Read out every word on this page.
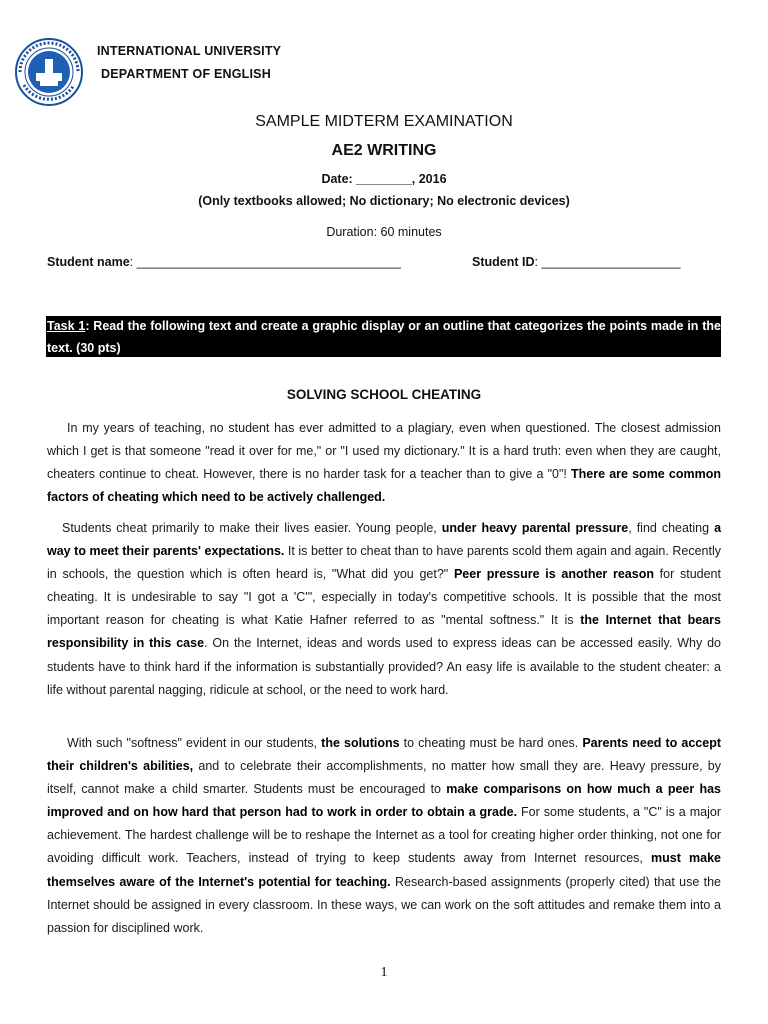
INTERNATIONAL UNIVERSITY
DEPARTMENT OF ENGLISH
SAMPLE MIDTERM EXAMINATION
AE2 WRITING
Date: ________, 2016
(Only textbooks allowed; No dictionary; No electronic devices)
Duration: 60 minutes
Student name: ______________________________________	Student ID: ____________________
Task 1: Read the following text and create a graphic display or an outline that categorizes the points made in the text. (30 pts)
SOLVING SCHOOL CHEATING
In my years of teaching, no student has ever admitted to a plagiary, even when questioned. The closest admission which I get is that someone "read it over for me," or "I used my dictionary." It is a hard truth: even when they are caught, cheaters continue to cheat. However, there is no harder task for a teacher than to give a "0"! There are some common factors of cheating which need to be actively challenged.
Students cheat primarily to make their lives easier. Young people, under heavy parental pressure, find cheating a way to meet their parents' expectations. It is better to cheat than to have parents scold them again and again. Recently in schools, the question which is often heard is, "What did you get?" Peer pressure is another reason for student cheating. It is undesirable to say "I got a 'C'", especially in today's competitive schools. It is possible that the most important reason for cheating is what Katie Hafner referred to as "mental softness." It is the Internet that bears responsibility in this case. On the Internet, ideas and words used to express ideas can be accessed easily. Why do students have to think hard if the information is substantially provided? An easy life is available to the student cheater: a life without parental nagging, ridicule at school, or the need to work hard.
With such "softness" evident in our students, the solutions to cheating must be hard ones. Parents need to accept their children's abilities, and to celebrate their accomplishments, no matter how small they are. Heavy pressure, by itself, cannot make a child smarter. Students must be encouraged to make comparisons on how much a peer has improved and on how hard that person had to work in order to obtain a grade. For some students, a "C" is a major achievement. The hardest challenge will be to reshape the Internet as a tool for creating higher order thinking, not one for avoiding difficult work. Teachers, instead of trying to keep students away from Internet resources, must make themselves aware of the Internet's potential for teaching. Research-based assignments (properly cited) that use the Internet should be assigned in every classroom. In these ways, we can work on the soft attitudes and remake them into a passion for disciplined work.
1
